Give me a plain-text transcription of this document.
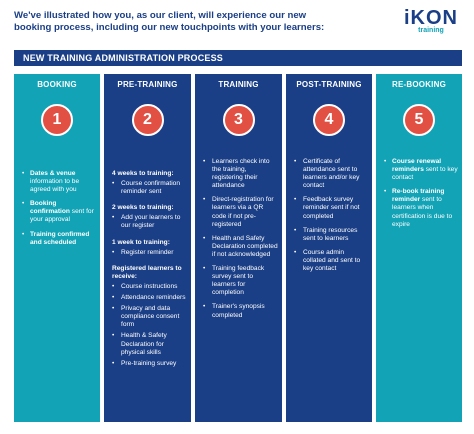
We've illustrated how you, as our client, will experience our new booking process, including our new touchpoints with your learners:	iKON
training
NEW TRAINING ADMINISTRATION PROCESS
BOOKING
1
• Dates & venue information to be agreed with you
• Booking confirmation sent for your approval
• Training confirmed and scheduled
PRE-TRAINING
2
4 weeks to training:
• Course confirmation reminder sent
2 weeks to training:
• Add your learners to our register
1 week to training:
• Register reminder
Registered learners to receive:
• Course instructions
• Attendance reminders
• Privacy and data compliance consent form
• Health & Safety Declaration for physical skills
• Pre-training survey
TRAINING
3
• Learners check into the training, registering their attendance
• Direct-registration for learners via a QR code if not pre-registered
• Health and Safety Declaration completed if not acknowledged
• Training feedback survey sent to learners for completion
• Trainer's synopsis completed
POST-TRAINING
4
• Certificate of attendance sent to learners and/or key contact
• Feedback survey reminder sent if not completed
• Training resources sent to learners
• Course admin collated and sent to key contact
RE-BOOKING
5
• Course renewal reminders sent to key contact
• Re-book training reminder sent to learners when certification is due to expire
